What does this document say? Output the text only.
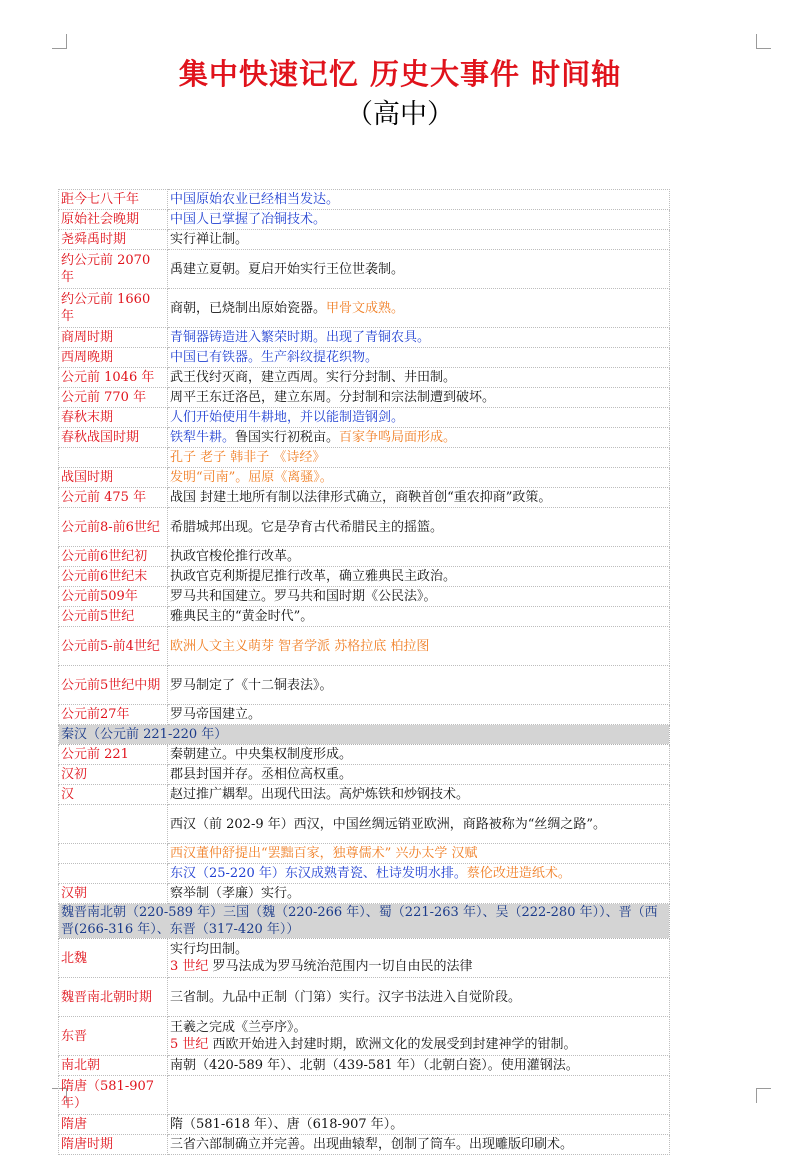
集中快速记忆 历史大事件 时间轴
（高中）
距今七八千年	中国原始农业已经相当发达。
原始社会晚期	中国人已掌握了冶铜技术。
尧舜禹时期	实行禅让制。
约公元前 2070 年	禹建立夏朝。夏启开始实行王位世袭制。
约公元前 1660 年	商朝，已烧制出原始瓷器。甲骨文成熟。
商周时期	青铜器铸造进入繁荣时期。出现了青铜农具。
西周晚期	中国已有铁器。生产斜纹提花织物。
公元前 1046 年	武王伐纣灭商，建立西周。实行分封制、井田制。
公元前 770 年	周平王东迁洛邑，建立东周。分封制和宗法制遭到破坏。
春秋末期	人们开始使用牛耕地，并以能制造钢剑。
春秋战国时期	铁犁牛耕。鲁国实行初税亩。百家争鸣局面形成。
	孔子 老子 韩非子 《诗经》
战国时期	发明“司南”。屈原《离骚》。
公元前 475 年	战国 封建土地所有制以法律形式确立，商鞅首创“重农抑商”政策。
公元前8-前6世纪	希腊城邦出现。它是孕育古代希腊民主的摇篮。
公元前6世纪初	执政官梭伦推行改革。
公元前6世纪末	执政官克利斯提尼推行改革，确立雅典民主政治。
公元前509年	罗马共和国建立。罗马共和国时期《公民法》。
公元前5世纪	雅典民主的“黄金时代”。
公元前5-前4世纪	欧洲人文主义萌芽 智者学派 苏格拉底 柏拉图
公元前5世纪中期	罗马制定了《十二铜表法》。
公元前27年	罗马帝国建立。
秦汉（公元前 221-220 年）	
公元前 221	秦朝建立。中央集权制度形成。
汉初	郡县封国并存。丞相位高权重。
汉	赵过推广耦犁。出现代田法。高炉炼铁和炒钢技术。
	西汉（前 202-9 年）西汉，中国丝绸远销亚欧洲，商路被称为“丝绸之路”。
	西汉董仲舒提出“罢黜百家，独尊儒术” 兴办太学 汉赋
	东汉（25-220 年）东汉成熟青瓷、杜诗发明水排。蔡伦改进造纸术。
汉朝	察举制（孝廉）实行。
魏晋南北朝（220-589 年）三国（魏（220-266 年）、蜀（221-263 年）、吴（222-280 年））、晋（西晋(266-316 年）、东晋（317-420 年））	
北魏	实行均田制。
3 世纪 罗马法成为罗马统治范围内一切自由民的法律
魏晋南北朝时期	三省制。九品中正制（门第）实行。汉字书法进入自觉阶段。
东晋	王羲之完成《兰亭序》。
5 世纪 西欧开始进入封建时期，欧洲文化的发展受到封建神学的钳制。
南北朝	南朝（420-589 年）、北朝（439-581 年）（北朝白瓷）。使用灌钢法。
隋唐（581-907 年）	
隋唐	隋（581-618 年）、唐（618-907 年）。
隋唐时期	三省六部制确立并完善。出现曲辕犁，创制了筒车。出现雕版印刷术。
